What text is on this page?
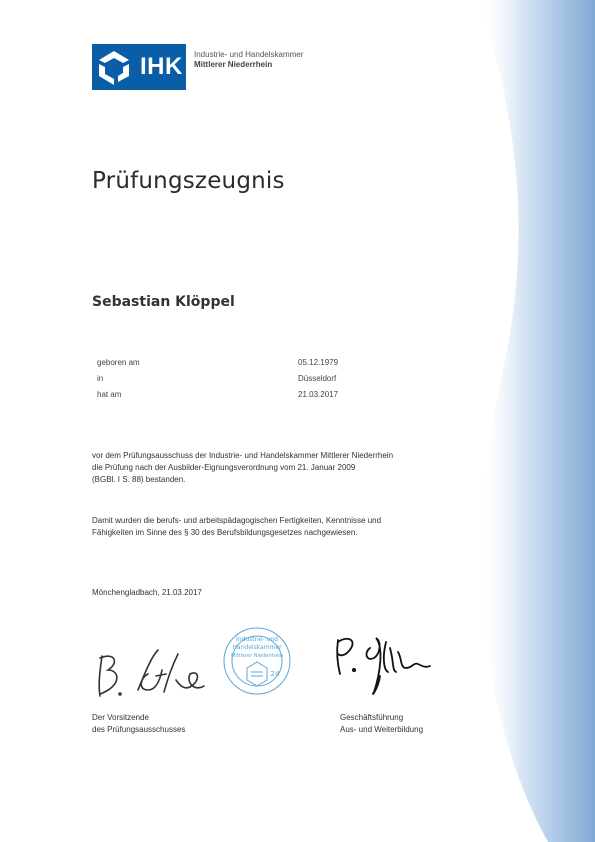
IHK Industrie- und Handelskammer
Mittlerer Niederrhein
Prüfungszeugnis
Sebastian Klöppel
geboren am	05.12.1979
in	Düsseldorf
hat am	21.03.2017
vor dem Prüfungsausschuss der Industrie- und Handelskammer Mittlerer Niederrhein
die Prüfung nach der Ausbilder-Eignungsverordnung vom 21. Januar 2009
(BGBl. I S. 88) bestanden.
Damit wurden die berufs- und arbeitspädagogischen Fertigkeiten, Kenntnisse und
Fähigkeiten im Sinne des § 30 des Berufsbildungsgesetzes nachgewiesen.
Mönchengladbach, 21.03.2017
Industrie- und
Handelskammer
Mittlerer Niederrhein
24
Der Vorsitzende
des Prüfungsausschusses
Geschäftsführung
Aus- und Weiterbildung
